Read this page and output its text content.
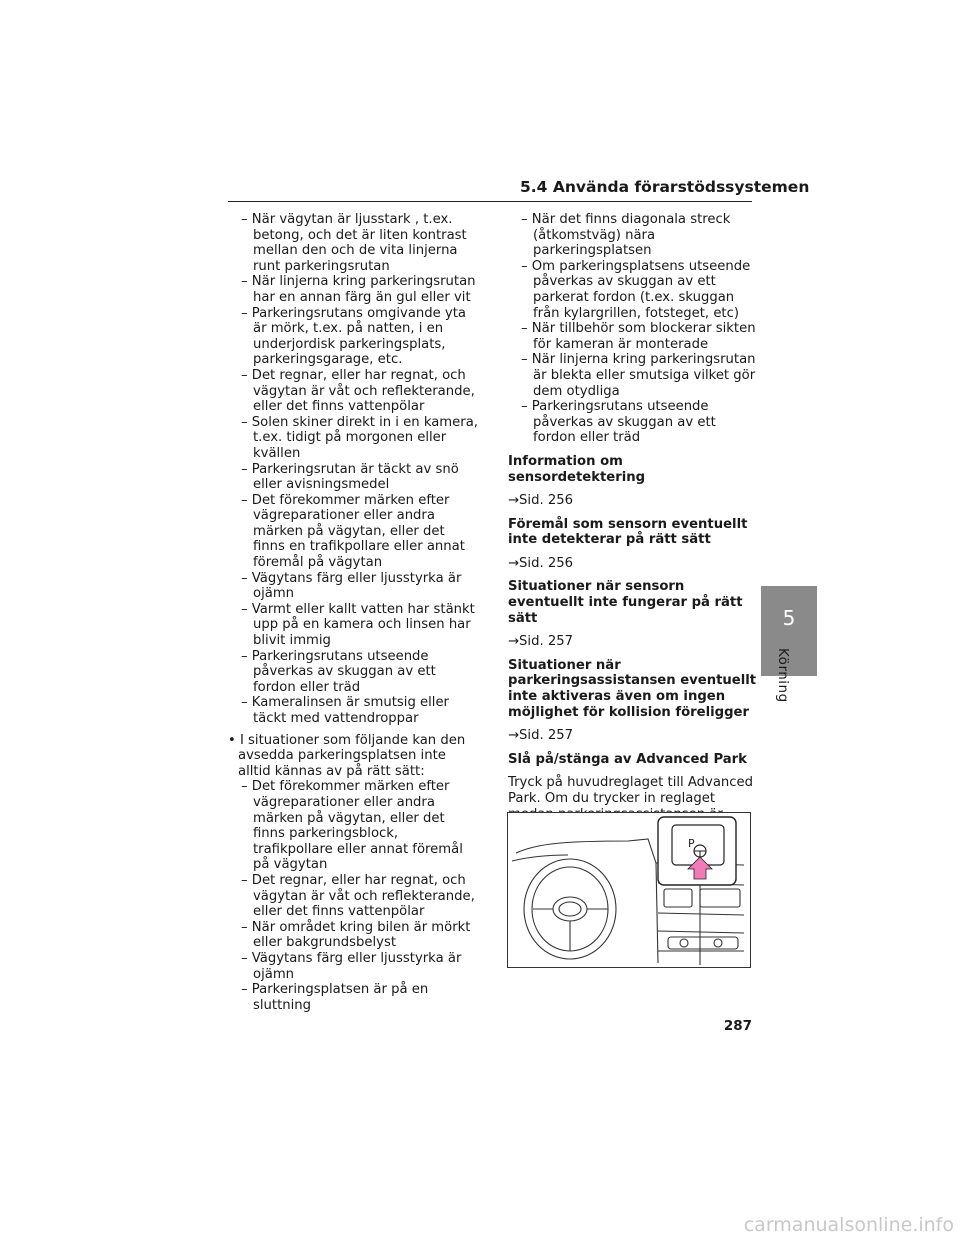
5.4 Använda förarstödssystemen

– När vägytan är ljusstark , t.ex. betong, och det är liten kontrast mellan den och de vita linjerna runt parkeringsrutan

– När linjerna kring parkeringsrutan har en annan färg än gul eller vit

– Parkeringsrutans omgivande yta är mörk, t.ex. på natten, i en underjordisk parkeringsplats, parkeringsgarage, etc.

– Det regnar, eller har regnat, och vägytan är våt och reflekterande, eller det finns vattenpölar

– Solen skiner direkt in i en kamera, t.ex. tidigt på morgonen eller kvällen

– Parkeringsrutan är täckt av snö eller avisningsmedel

– Det förekommer märken efter vägreparationer eller andra märken på vägytan, eller det finns en trafikpollare eller annat föremål på vägytan

– Vägytans färg eller ljusstyrka är ojämn

– Varmt eller kallt vatten har stänkt upp på en kamera och linsen har blivit immig

– Parkeringsrutans utseende påverkas av skuggan av ett fordon eller träd

– Kameralinsen är smutsig eller täckt med vattendroppar

• I situationer som följande kan den avsedda parkeringsplatsen inte alltid kännas av på rätt sätt:

– Det förekommer märken efter vägreparationer eller andra märken på vägytan, eller det finns parkeringsblock, trafikpollare eller annat föremål på vägytan

– Det regnar, eller har regnat, och vägytan är våt och reflekterande, eller det finns vattenpölar

– När området kring bilen är mörkt eller bakgrundsbelyst

– Vägytans färg eller ljusstyrka är ojämn

– Parkeringsplatsen är på en sluttning

– När det finns diagonala streck (åtkomstväg) nära parkeringsplatsen

– Om parkeringsplatsens utseende påverkas av skuggan av ett parkerat fordon (t.ex. skuggan från kylargrillen, fotsteget, etc)

– När tillbehör som blockerar sikten för kameran är monterade

– När linjerna kring parkeringsrutan är blekta eller smutsiga vilket gör dem otydliga

– Parkeringsrutans utseende påverkas av skuggan av ett fordon eller träd

Information om sensordetektering

→Sid. 256

Föremål som sensorn eventuellt inte detekterar på rätt sätt

→Sid. 256

Situationer när sensorn eventuellt inte fungerar på rätt sätt

→Sid. 257

Situationer när parkeringsassistansen eventuellt inte aktiveras även om ingen möjlighet för kollision föreligger

→Sid. 257

Slå på/stänga av Advanced Park

Tryck på huvudreglaget till Advanced Park. Om du trycker in reglaget

P
5
Körning
287
carmanualsonline.info
